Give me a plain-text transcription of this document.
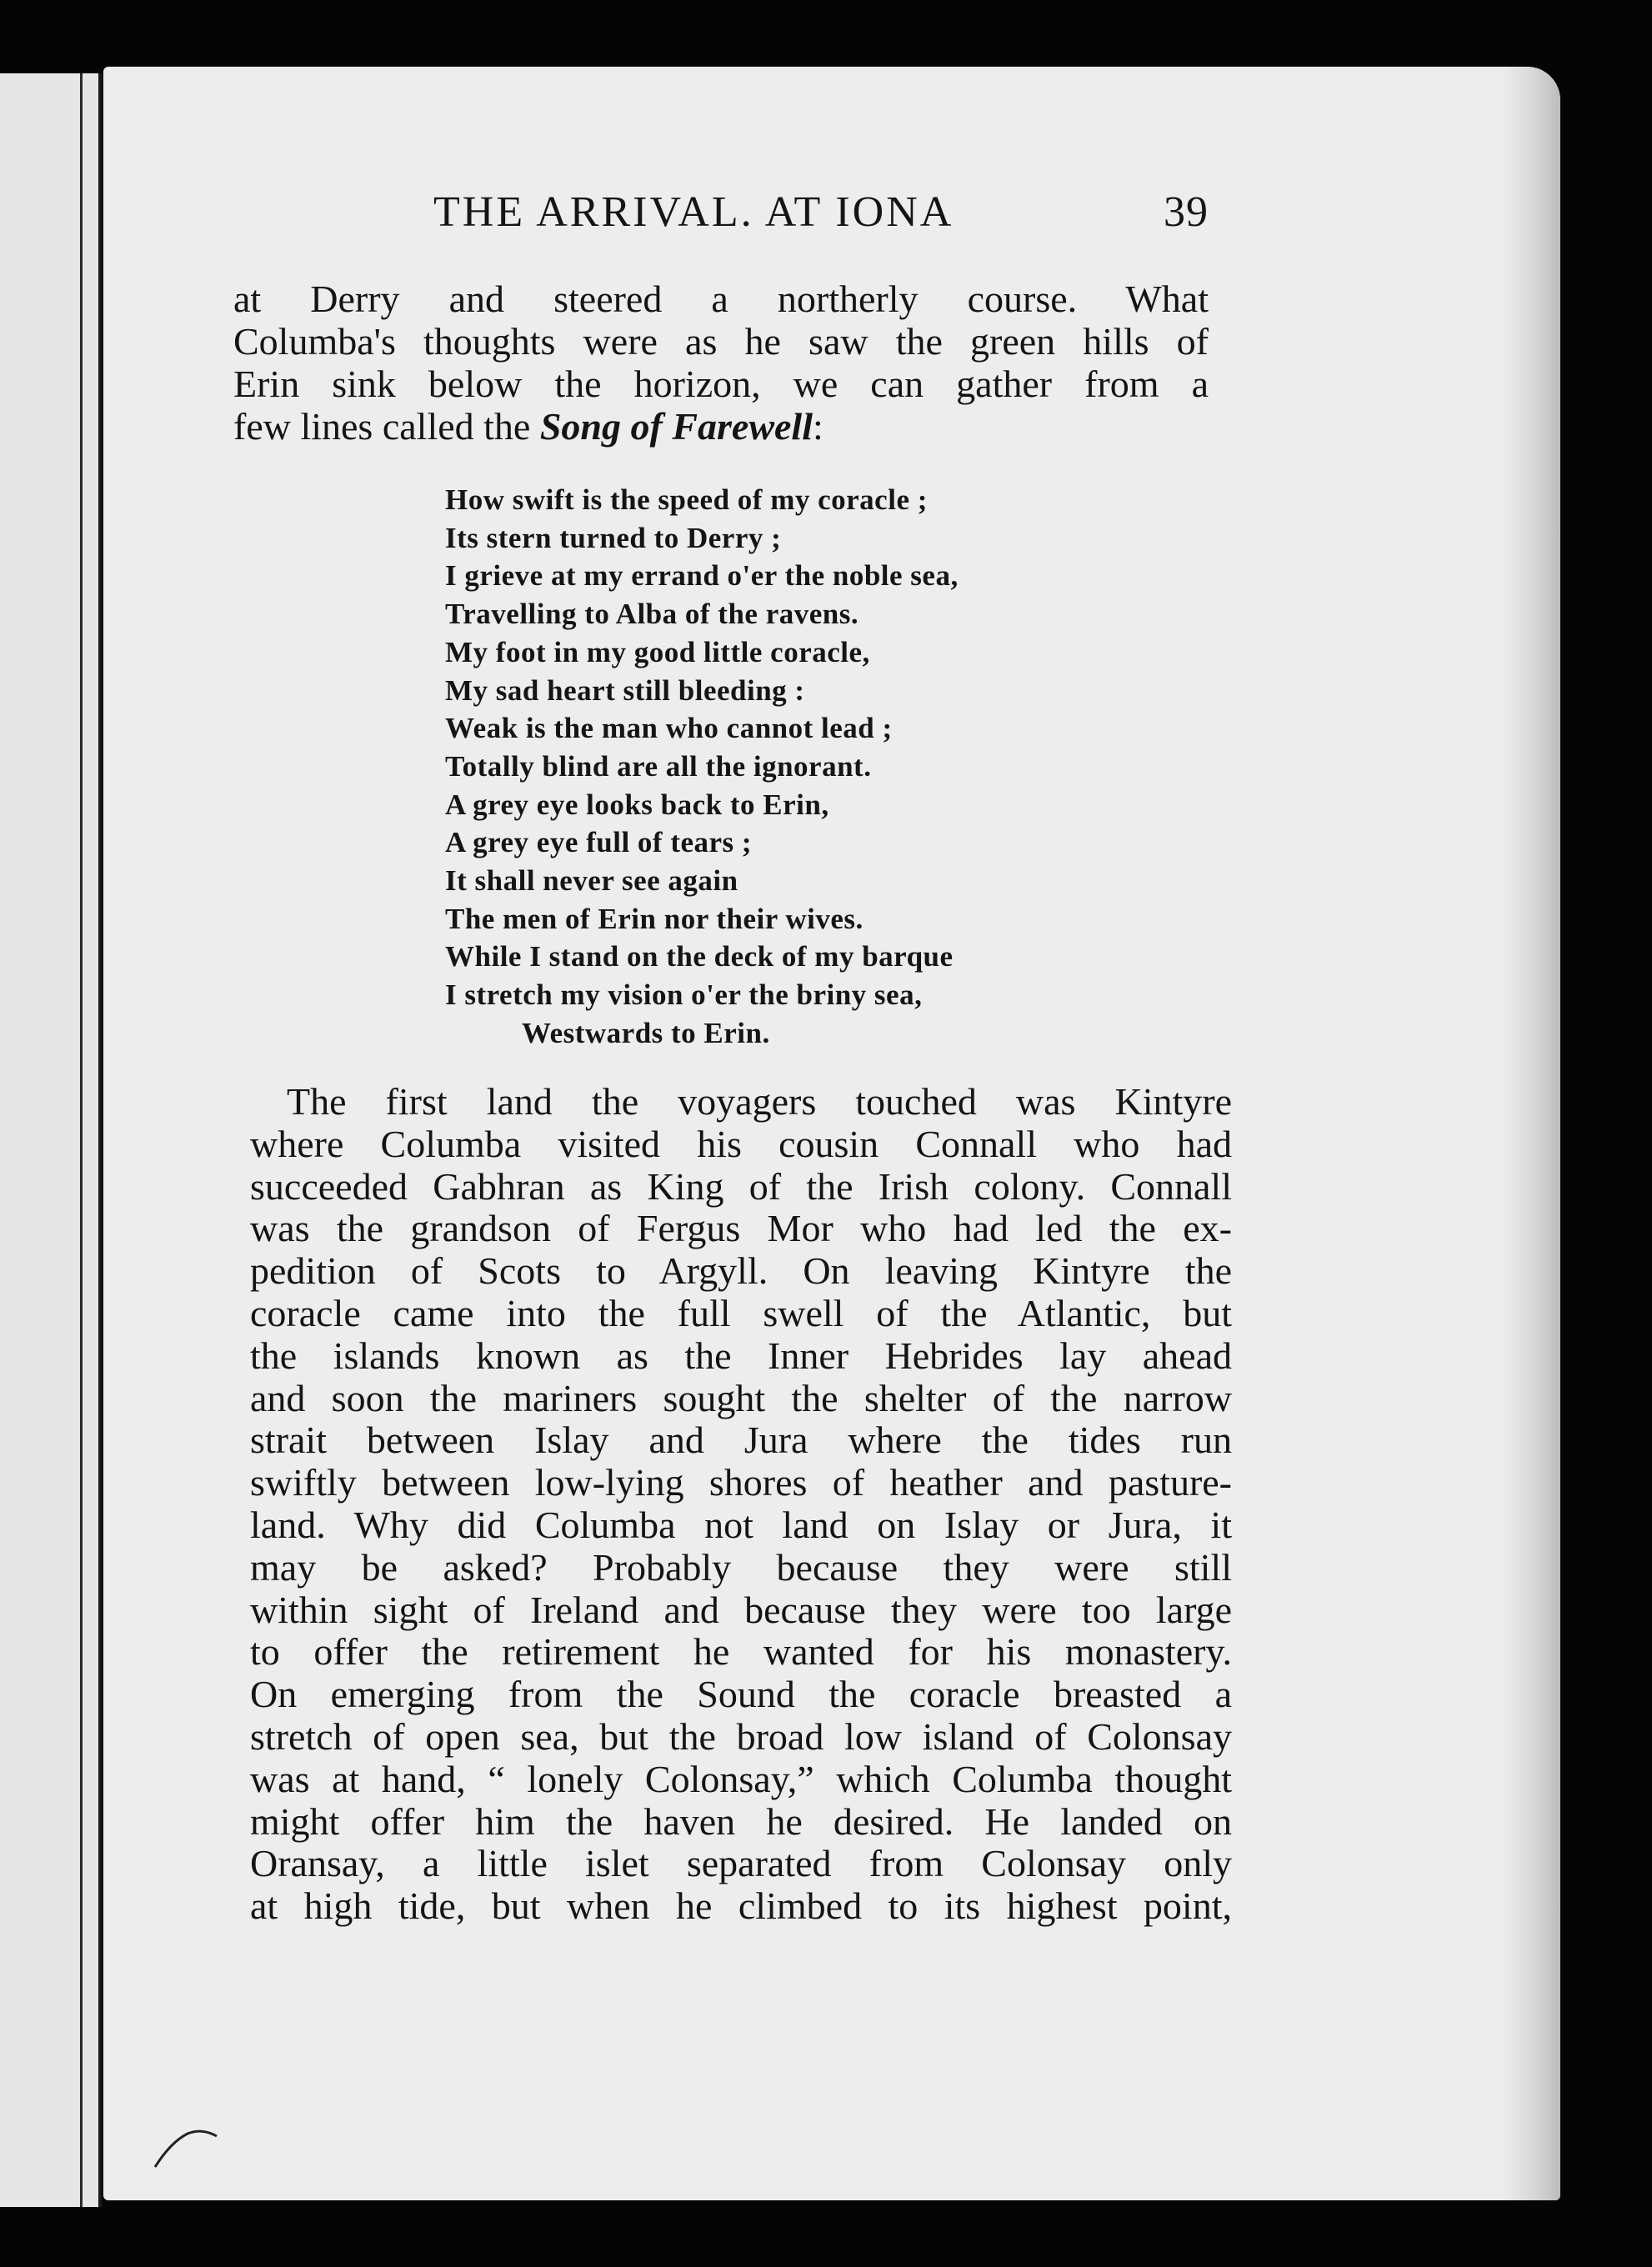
THE ARRIVAL. AT IONA	39
at Derry and steered a northerly course. What
Columba's thoughts were as he saw the green hills of
Erin sink below the horizon, we can gather from a
few lines called the Song of Farewell:
How swift is the speed of my coracle ;
Its stern turned to Derry ;
I grieve at my errand o'er the noble sea,
Travelling to Alba of the ravens.
My foot in my good little coracle,
My sad heart still bleeding :
Weak is the man who cannot lead ;
Totally blind are all the ignorant.
A grey eye looks back to Erin,
A grey eye full of tears ;
It shall never see again
The men of Erin nor their wives.
While I stand on the deck of my barque
I stretch my vision o'er the briny sea,
Westwards to Erin.
The first land the voyagers touched was Kintyre
where Columba visited his cousin Connall who had
succeeded Gabhran as King of the Irish colony. Connall
was the grandson of Fergus Mor who had led the ex-
pedition of Scots to Argyll. On leaving Kintyre the
coracle came into the full swell of the Atlantic, but
the islands known as the Inner Hebrides lay ahead
and soon the mariners sought the shelter of the narrow
strait between Islay and Jura where the tides run
swiftly between low-lying shores of heather and pasture-
land. Why did Columba not land on Islay or Jura, it
may be asked? Probably because they were still
within sight of Ireland and because they were too large
to offer the retirement he wanted for his monastery.
On emerging from the Sound the coracle breasted a
stretch of open sea, but the broad low island of Colonsay
was at hand, “ lonely Colonsay,” which Columba thought
might offer him the haven he desired. He landed on
Oransay, a little islet separated from Colonsay only
at high tide, but when he climbed to its highest point,
